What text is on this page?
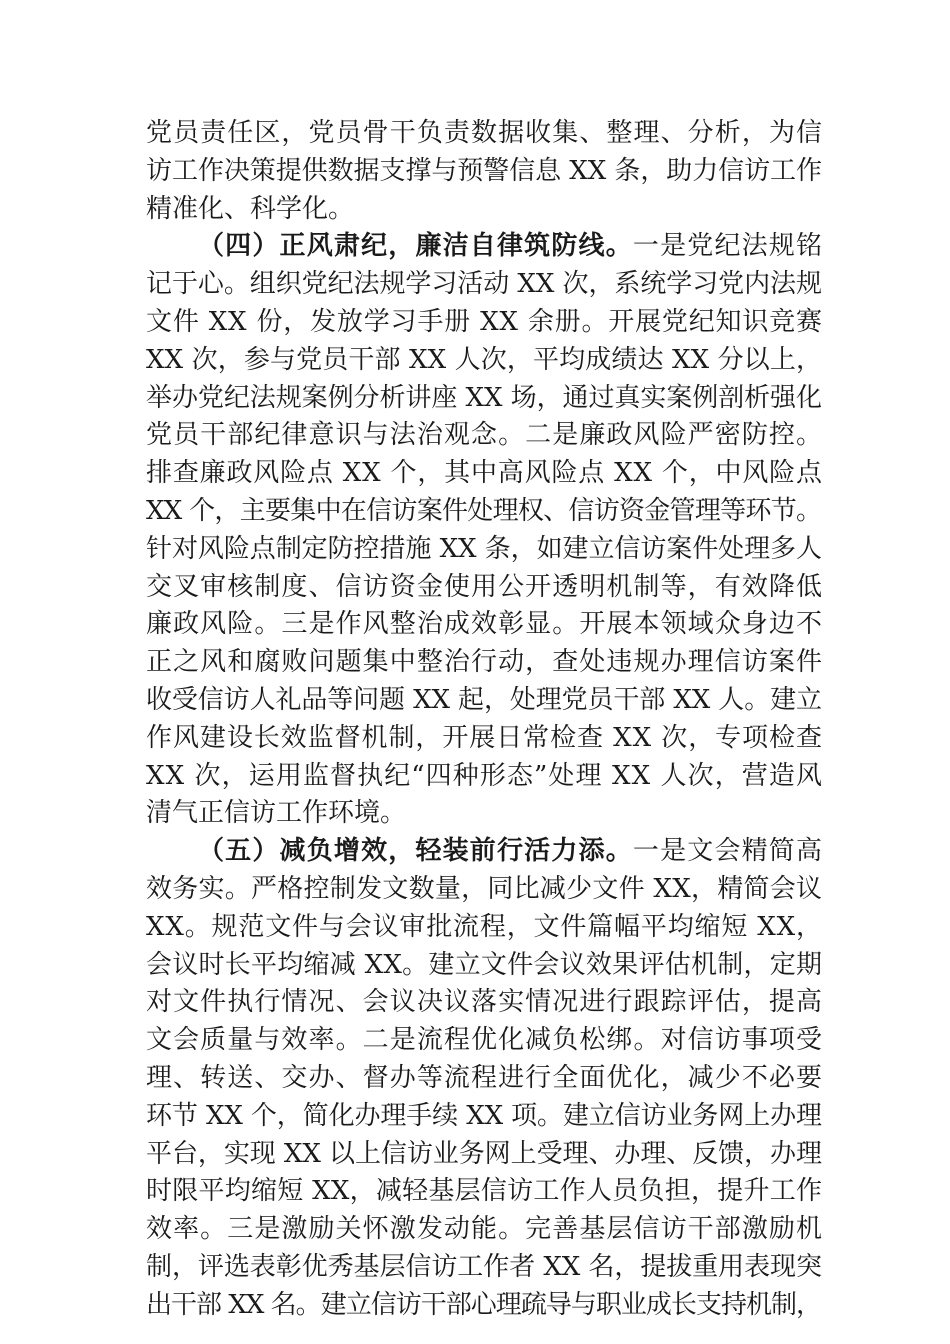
党员责任区，党员骨干负责数据收集、整理、分析，为信
访工作决策提供数据支撑与预警信息 XX 条，助力信访工作
精准化、科学化。
（四）正风肃纪，廉洁自律筑防线。 一是党纪法规铭
记于心。组织党纪法规学习活动 XX 次，系统学习党内法规
文件 XX 份，发放学习手册 XX 余册。开展党纪知识竞赛
XX 次，参与党员干部 XX 人次，平均成绩达 XX 分以上，
举办党纪法规案例分析讲座 XX 场，通过真实案例剖析强化
党员干部纪律意识与法治观念。二是廉政风险严密防控。
排查廉政风险点 XX 个，其中高风险点 XX 个，中风险点
XX 个，主要集中在信访案件处理权、信访资金管理等环节。
针对风险点制定防控措施 XX 条，如建立信访案件处理多人
交叉审核制度、信访资金使用公开透明机制等，有效降低
廉政风险。三是作风整治成效彰显。开展本领域众身边不
正之风和腐败问题集中整治行动，查处违规办理信访案件
收受信访人礼品等问题 XX 起，处理党员干部 XX 人。建立
作风建设长效监督机制，开展日常检查 XX 次，专项检查
XX 次，运用监督执纪“四种形态”处理 XX 人次，营造风
清气正信访工作环境。
（五）减负增效，轻装前行活力添。 一是文会精简高
效务实。严格控制发文数量，同比减少文件 XX，精简会议
XX。规范文件与会议审批流程，文件篇幅平均缩短 XX，
会议时长平均缩减 XX。建立文件会议效果评估机制，定期
对文件执行情况、会议决议落实情况进行跟踪评估，提高
文会质量与效率。二是流程优化减负松绑。对信访事项受
理、转送、交办、督办等流程进行全面优化，减少不必要
环节 XX 个，简化办理手续 XX 项。建立信访业务网上办理
平台，实现 XX 以上信访业务网上受理、办理、反馈，办理
时限平均缩短 XX，减轻基层信访工作人员负担，提升工作
效率。三是激励关怀激发动能。完善基层信访干部激励机
制，评选表彰优秀基层信访工作者 XX 名，提拔重用表现突
出干部 XX 名。建立信访干部心理疏导与职业成长支持机制，
